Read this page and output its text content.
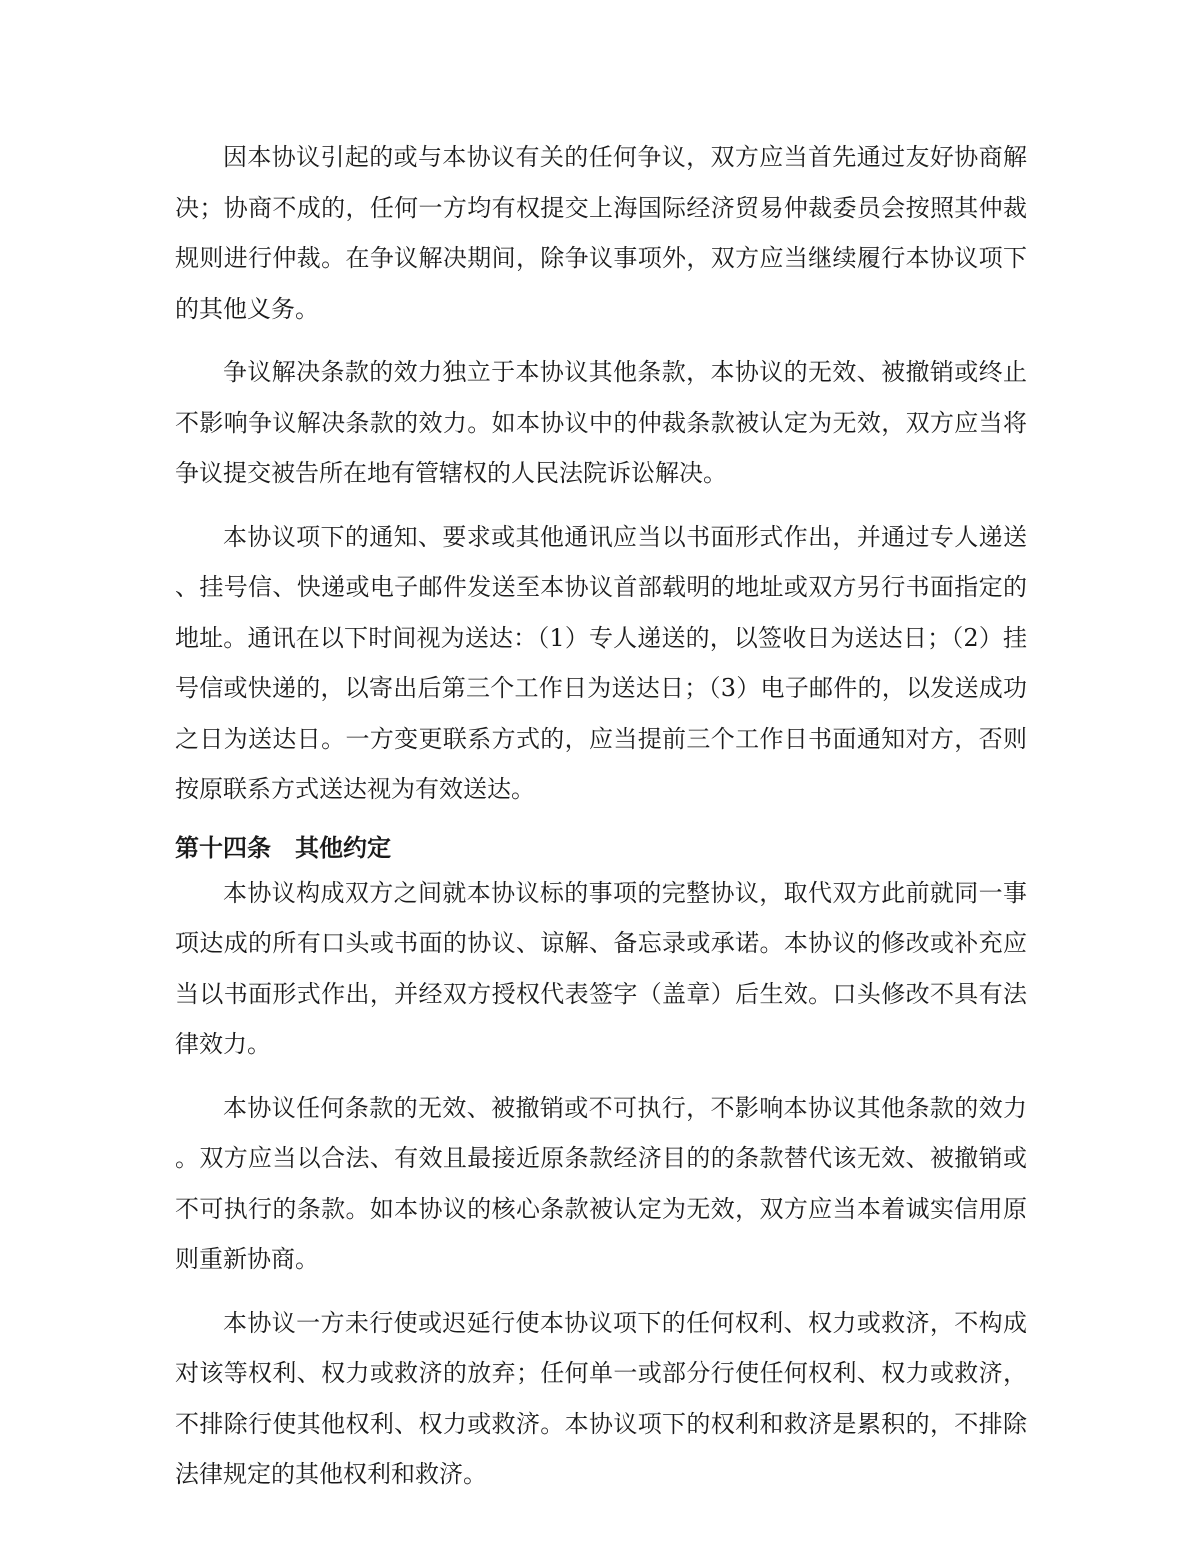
因本协议引起的或与本协议有关的任何争议，双方应当首先通过友好协商解决；协商不成的，任何一方均有权提交上海国际经济贸易仲裁委员会按照其仲裁规则进行仲裁。在争议解决期间，除争议事项外，双方应当继续履行本协议项下的其他义务。

争议解决条款的效力独立于本协议其他条款，本协议的无效、被撤销或终止不影响争议解决条款的效力。如本协议中的仲裁条款被认定为无效，双方应当将争议提交被告所在地有管辖权的人民法院诉讼解决。

本协议项下的通知、要求或其他通讯应当以书面形式作出，并通过专人递送、挂号信、快递或电子邮件发送至本协议首部载明的地址或双方另行书面指定的地址。通讯在以下时间视为送达：（1）专人递送的，以签收日为送达日；（2）挂号信或快递的，以寄出后第三个工作日为送达日；（3）电子邮件的，以发送成功之日为送达日。一方变更联系方式的，应当提前三个工作日书面通知对方，否则按原联系方式送达视为有效送达。

第十四条　其他约定

本协议构成双方之间就本协议标的事项的完整协议，取代双方此前就同一事项达成的所有口头或书面的协议、谅解、备忘录或承诺。本协议的修改或补充应当以书面形式作出，并经双方授权代表签字（盖章）后生效。口头修改不具有法律效力。

本协议任何条款的无效、被撤销或不可执行，不影响本协议其他条款的效力。双方应当以合法、有效且最接近原条款经济目的的条款替代该无效、被撤销或不可执行的条款。如本协议的核心条款被认定为无效，双方应当本着诚实信用原则重新协商。

本协议一方未行使或迟延行使本协议项下的任何权利、权力或救济，不构成对该等权利、权力或救济的放弃；任何单一或部分行使任何权利、权力或救济，不排除行使其他权利、权力或救济。本协议项下的权利和救济是累积的，不排除法律规定的其他权利和救济。
